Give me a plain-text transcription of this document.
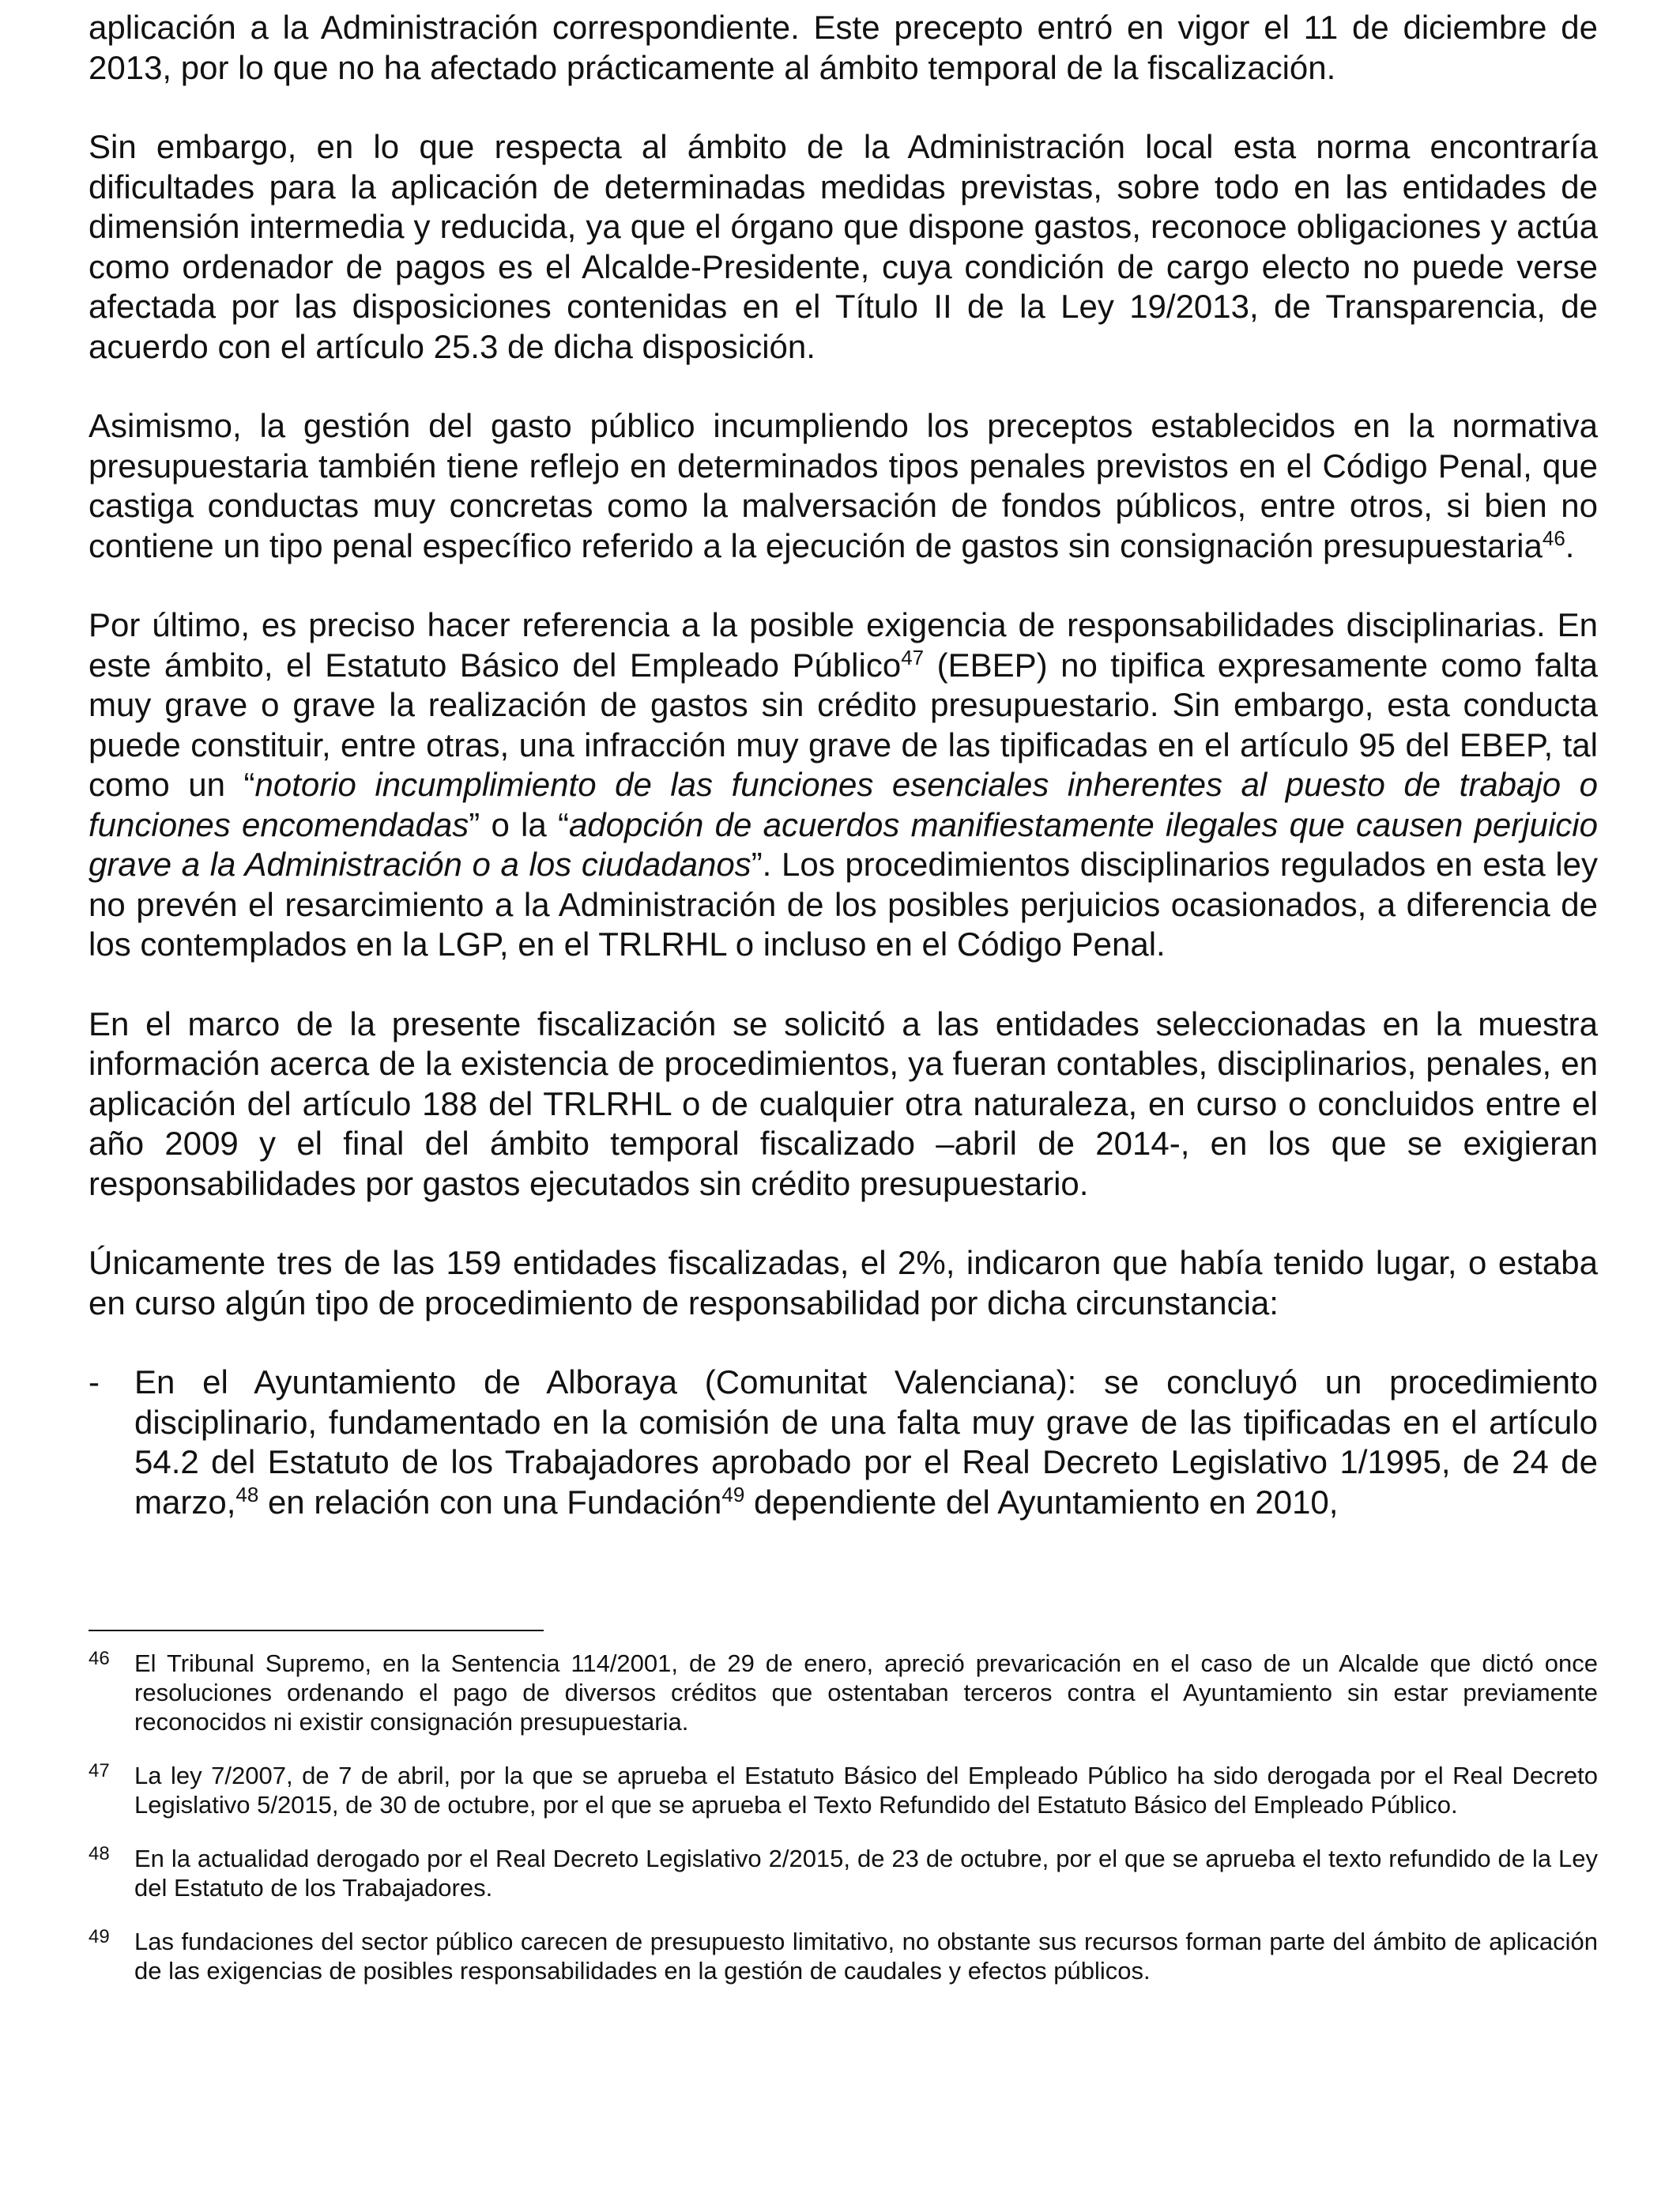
aplicación a la Administración correspondiente. Este precepto entró en vigor el 11 de diciembre de 2013, por lo que no ha afectado prácticamente al ámbito temporal de la fiscalización.

Sin embargo, en lo que respecta al ámbito de la Administración local esta norma encontraría dificultades para la aplicación de determinadas medidas previstas, sobre todo en las entidades de dimensión intermedia y reducida, ya que el órgano que dispone gastos, reconoce obligaciones y actúa como ordenador de pagos es el Alcalde-Presidente, cuya condición de cargo electo no puede verse afectada por las disposiciones contenidas en el Título II de la Ley 19/2013, de Transparencia, de acuerdo con el artículo 25.3 de dicha disposición.

Asimismo, la gestión del gasto público incumpliendo los preceptos establecidos en la normativa presupuestaria también tiene reflejo en determinados tipos penales previstos en el Código Penal, que castiga conductas muy concretas como la malversación de fondos públicos, entre otros, si bien no contiene un tipo penal específico referido a la ejecución de gastos sin consignación presupuestaria$^{46}$.

Por último, es preciso hacer referencia a la posible exigencia de responsabilidades disciplinarias. En este ámbito, el Estatuto Básico del Empleado Público$^{47}$ (EBEP) no tipifica expresamente como falta muy grave o grave la realización de gastos sin crédito presupuestario. Sin embargo, esta conducta puede constituir, entre otras, una infracción muy grave de las tipificadas en el artículo 95 del EBEP, tal como un “notorio incumplimiento de las funciones esenciales inherentes al puesto de trabajo o funciones encomendadas” o la “adopción de acuerdos manifiestamente ilegales que causen perjuicio grave a la Administración o a los ciudadanos”. Los procedimientos disciplinarios regulados en esta ley no prevén el resarcimiento a la Administración de los posibles perjuicios ocasionados, a diferencia de los contemplados en la LGP, en el TRLRHL o incluso en el Código Penal.

En el marco de la presente fiscalización se solicitó a las entidades seleccionadas en la muestra información acerca de la existencia de procedimientos, ya fueran contables, disciplinarios, penales, en aplicación del artículo 188 del TRLRHL o de cualquier otra naturaleza, en curso o concluidos entre el año 2009 y el final del ámbito temporal fiscalizado –abril de 2014-, en los que se exigieran responsabilidades por gastos ejecutados sin crédito presupuestario.

Únicamente tres de las 159 entidades fiscalizadas, el 2%, indicaron que había tenido lugar, o estaba en curso algún tipo de procedimiento de responsabilidad por dicha circunstancia:

- En el Ayuntamiento de Alboraya (Comunitat Valenciana): se concluyó un procedimiento disciplinario, fundamentado en la comisión de una falta muy grave de las tipificadas en el artículo 54.2 del Estatuto de los Trabajadores aprobado por el Real Decreto Legislativo 1/1995, de 24 de marzo,$^{48}$ en relación con una Fundación$^{49}$ dependiente del Ayuntamiento en 2010,
46 El Tribunal Supremo, en la Sentencia 114/2001, de 29 de enero, apreció prevaricación en el caso de un Alcalde que dictó once resoluciones ordenando el pago de diversos créditos que ostentaban terceros contra el Ayuntamiento sin estar previamente reconocidos ni existir consignación presupuestaria.
47 La ley 7/2007, de 7 de abril, por la que se aprueba el Estatuto Básico del Empleado Público ha sido derogada por el Real Decreto Legislativo 5/2015, de 30 de octubre, por el que se aprueba el Texto Refundido del Estatuto Básico del Empleado Público.
48 En la actualidad derogado por el Real Decreto Legislativo 2/2015, de 23 de octubre, por el que se aprueba el texto refundido de la Ley del Estatuto de los Trabajadores.
49 Las fundaciones del sector público carecen de presupuesto limitativo, no obstante sus recursos forman parte del ámbito de aplicación de las exigencias de posibles responsabilidades en la gestión de caudales y efectos públicos.
